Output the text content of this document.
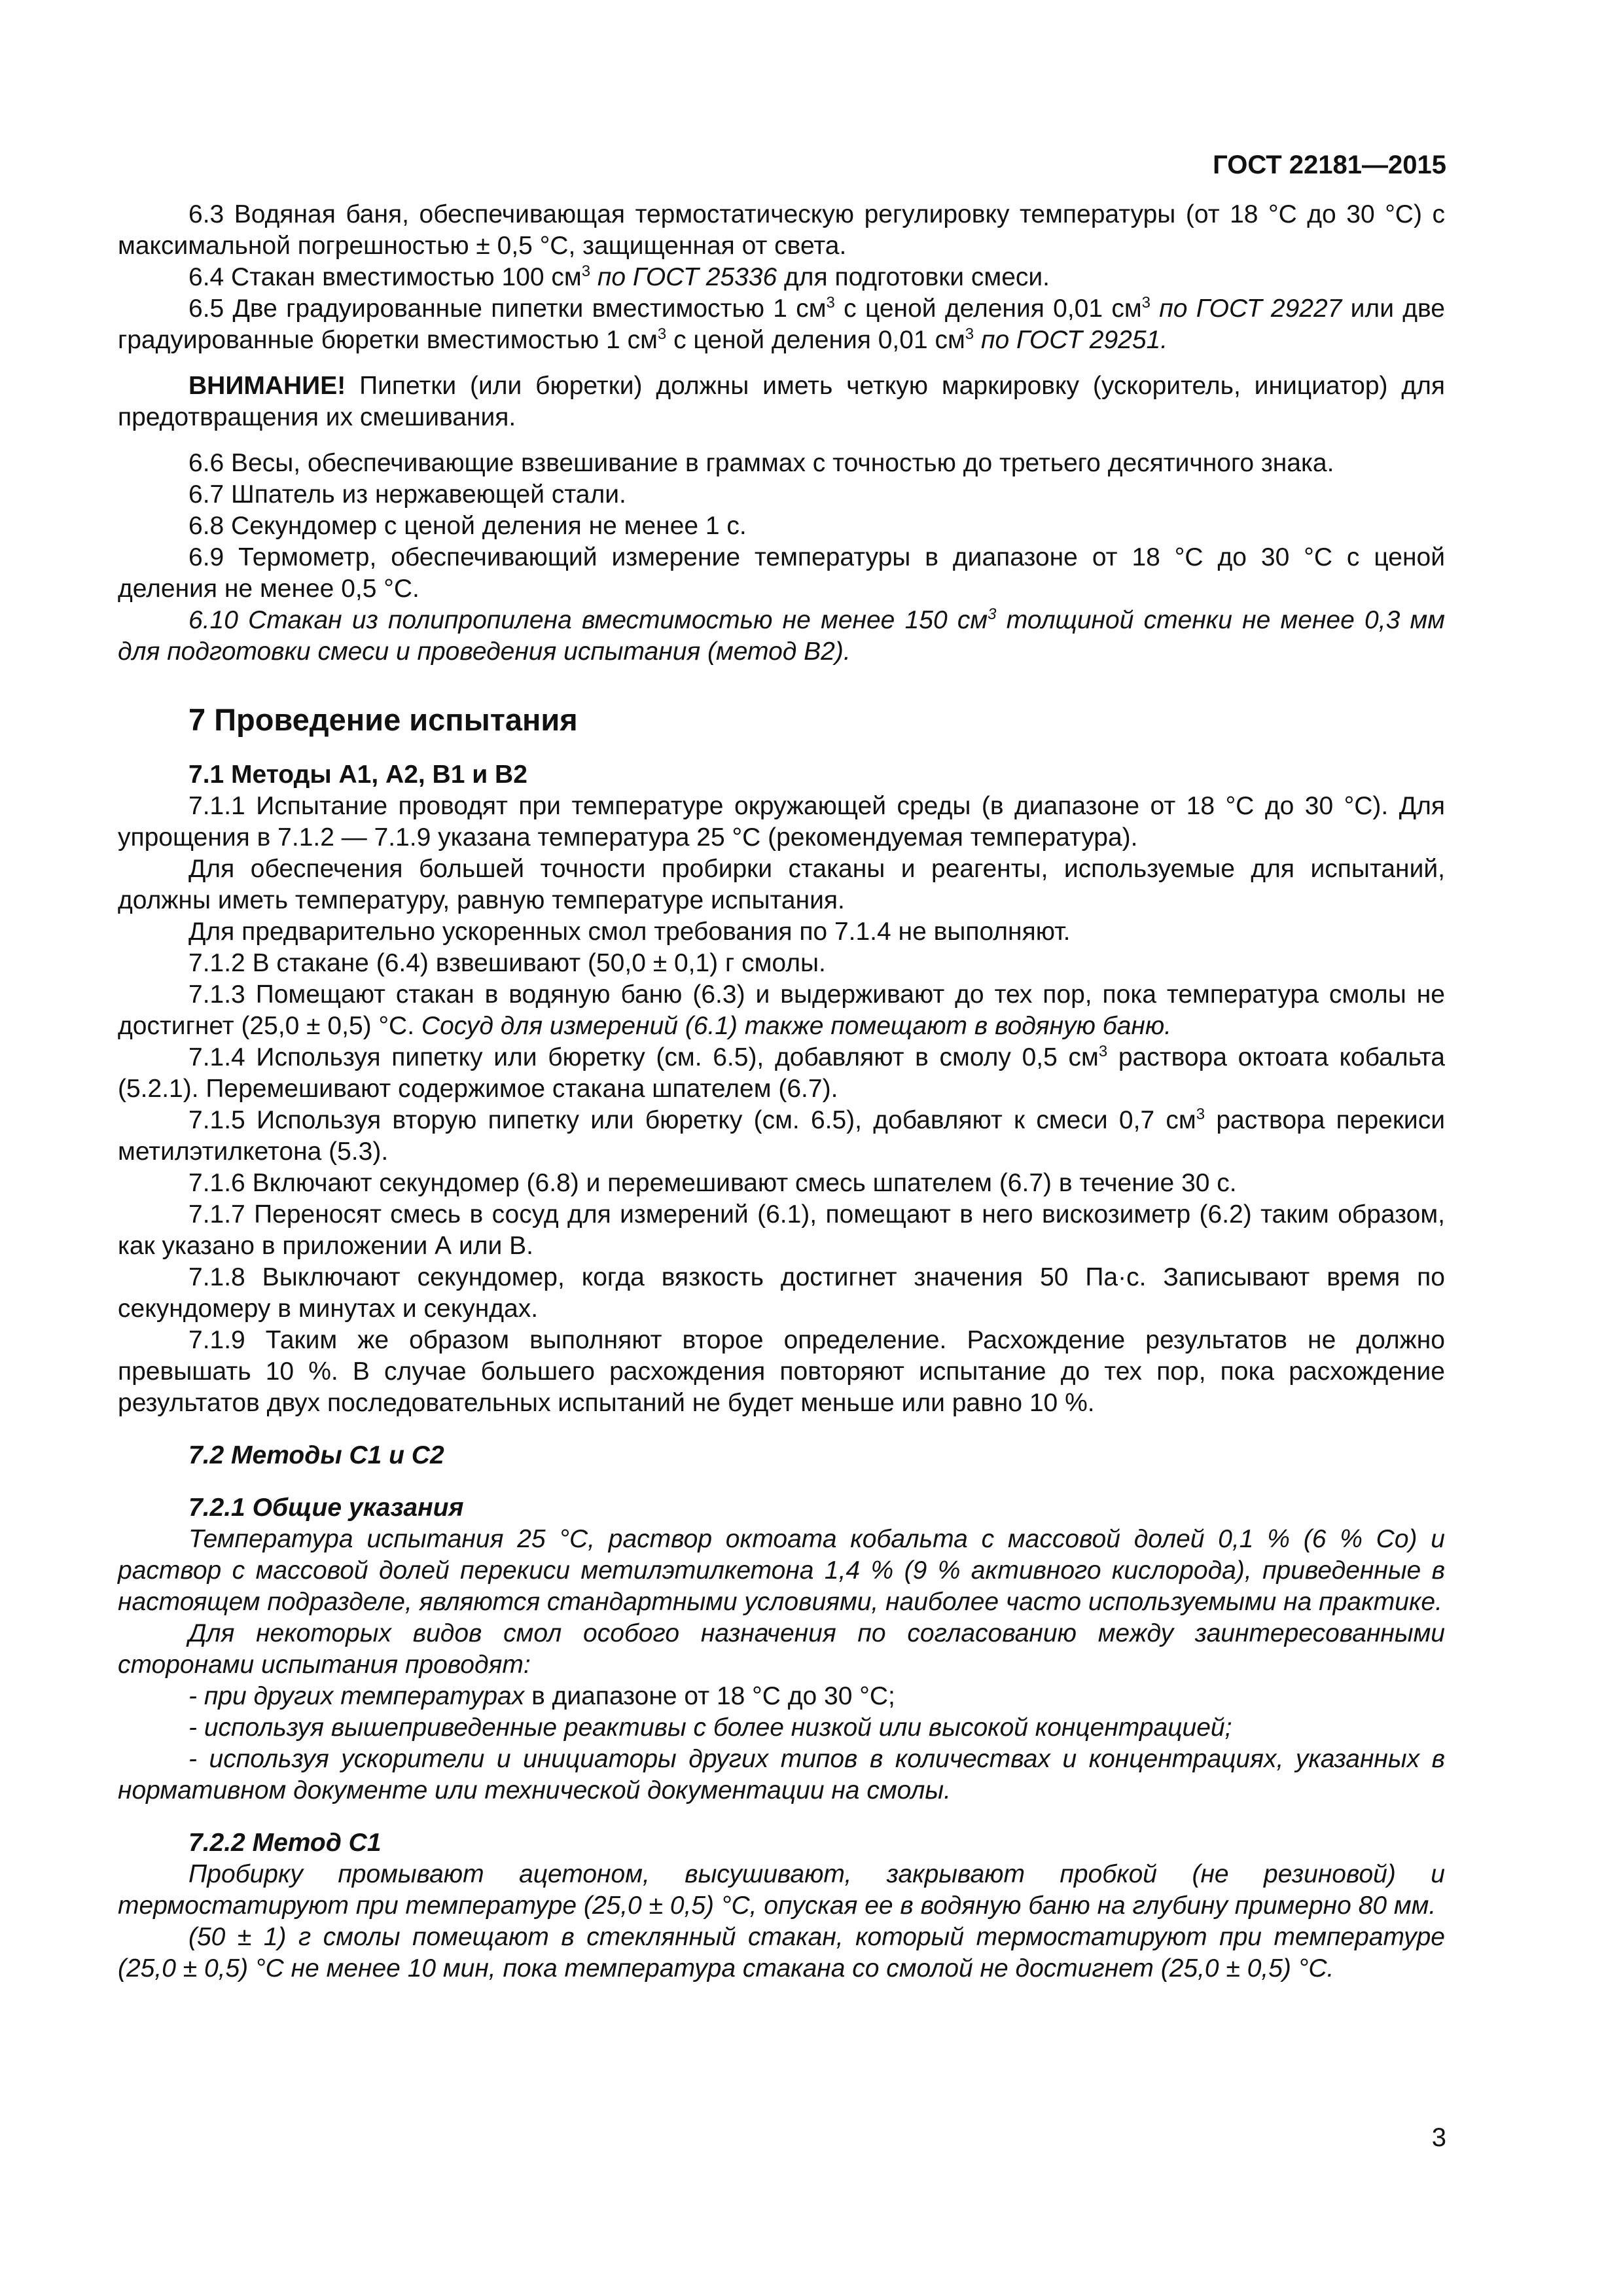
ГОСТ 22181—2015

6.3 Водяная баня, обеспечивающая термостатическую регулировку температуры (от 18 °С до 30 °С) с максимальной погрешностью ± 0,5 °С, защищенная от света.

6.4 Стакан вместимостью 100 $см^3$ по ГОСТ 25336 для подготовки смеси.

6.5 Две градуированные пипетки вместимостью 1 $см^3$ с ценой деления 0,01 $см^3$ по ГОСТ 29227 или две градуированные бюретки вместимостью 1 $см^3$ с ценой деления 0,01 $см^3$ по ГОСТ 29251.

ВНИМАНИЕ! Пипетки (или бюретки) должны иметь четкую маркировку (ускоритель, инициатор) для предотвращения их смешивания.

6.6 Весы, обеспечивающие взвешивание в граммах с точностью до третьего десятичного знака.

6.7 Шпатель из нержавеющей стали.

6.8 Секундомер с ценой деления не менее 1 с.

6.9 Термометр, обеспечивающий измерение температуры в диапазоне от 18 °С до 30 °С с ценой деления не менее 0,5 °С.

6.10 Стакан из полипропилена вместимостью не менее 150 $см^3$ толщиной стенки не менее 0,3 мм для подготовки смеси и проведения испытания (метод В2).

7 Проведение испытания
7.1 Методы А1, А2, В1 и В2

7.1.1 Испытание проводят при температуре окружающей среды (в диапазоне от 18 °С до 30 °С). Для упрощения в 7.1.2 — 7.1.9 указана температура 25 °С (рекомендуемая температура).

Для обеспечения большей точности пробирки стаканы и реагенты, используемые для испытаний, должны иметь температуру, равную температуре испытания.

Для предварительно ускоренных смол требования по 7.1.4 не выполняют.

7.1.2 В стакане (6.4) взвешивают (50,0 ± 0,1) г смолы.

7.1.3 Помещают стакан в водяную баню (6.3) и выдерживают до тех пор, пока температура смолы не достигнет (25,0 ± 0,5) °С. Сосуд для измерений (6.1) также помещают в водяную баню.

7.1.4 Используя пипетку или бюретку (см. 6.5), добавляют в смолу 0,5 $см^3$ раствора октоата кобальта (5.2.1). Перемешивают содержимое стакана шпателем (6.7).

7.1.5 Используя вторую пипетку или бюретку (см. 6.5), добавляют к смеси 0,7 $см^3$ раствора перекиси метилэтилкетона (5.3).

7.1.6 Включают секундомер (6.8) и перемешивают смесь шпателем (6.7) в течение 30 с.

7.1.7 Переносят смесь в сосуд для измерений (6.1), помещают в него вискозиметр (6.2) таким образом, как указано в приложении А или В.

7.1.8 Выключают секундомер, когда вязкость достигнет значения 50 Па·с. Записывают время по секундомеру в минутах и секундах.

7.1.9 Таким же образом выполняют второе определение. Расхождение результатов не должно превышать 10 %. В случае большего расхождения повторяют испытание до тех пор, пока расхождение результатов двух последовательных испытаний не будет меньше или равно 10 %.

7.2 Методы С1 и С2
7.2.1 Общие указания

Температура испытания 25 °С, раствор октоата кобальта с массовой долей 0,1 % (6 % Со) и раствор с массовой долей перекиси метилэтилкетона 1,4 % (9 % активного кислорода), приведенные в настоящем подразделе, являются стандартными условиями, наиболее часто используемыми на практике.

Для некоторых видов смол особого назначения по согласованию между заинтересованными сторонами испытания проводят:

- при других температурах в диапазоне от 18 °С до 30 °С;

- используя вышеприведенные реактивы с более низкой или высокой концентрацией;

- используя ускорители и инициаторы других типов в количествах и концентрациях, указанных в нормативном документе или технической документации на смолы.

7.2.2 Метод С1

Пробирку промывают ацетоном, высушивают, закрывают пробкой (не резиновой) и термостатируют при температуре (25,0 ± 0,5) °С, опуская ее в водяную баню на глубину примерно 80 мм.

(50 ± 1) г смолы помещают в стеклянный стакан, который термостатируют при температуре (25,0 ± 0,5) °С не менее 10 мин, пока температура стакана со смолой не достигнет (25,0 ± 0,5) °С.

3
